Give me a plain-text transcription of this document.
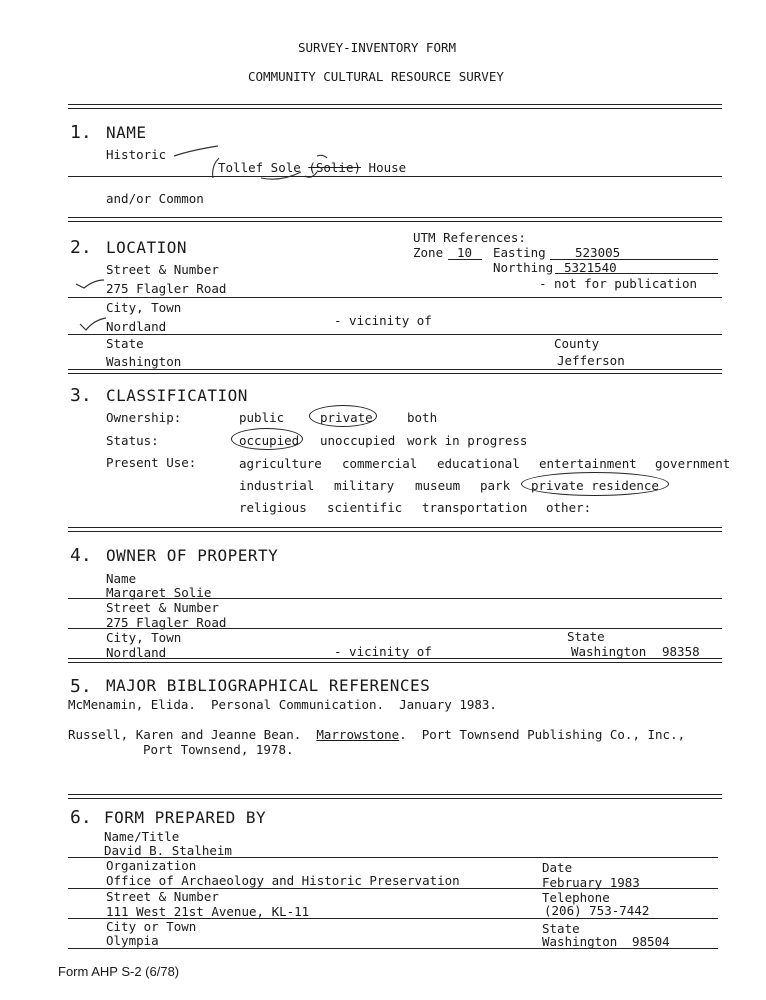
SURVEY-INVENTORY FORM
COMMUNITY CULTURAL RESOURCE SURVEY
1. NAME
Historic
Tollef Sole (Solie) House
and/or Common
2. LOCATION
UTM References:
Zone 10 Easting 523005
Northing 5321540
Street & Number
- not for publication
275 Flagler Road
City, Town
Nordland	- vicinity of
State	County
Washington	Jefferson
3. CLASSIFICATION
Ownership:	public	private	both
Status:	occupied unoccupied work in progress
Present Use:	agriculture commercial educational entertainment government
industrial military museum park private residence
religious scientific transportation other:
4. OWNER OF PROPERTY
Name
Margaret Solie
Street & Number
275 Flagler Road
City, Town	State
Nordland	- vicinity of	Washington 98358
5. MAJOR BIBLIOGRAPHICAL REFERENCES
McMenamin, Elida.  Personal Communication.  January 1983.
Russell, Karen and Jeanne Bean. Marrowstone.  Port Townsend Publishing Co., Inc.,
Port Townsend, 1978.
6. FORM PREPARED BY
Name/Title
David B. Stalheim
Organization	Date
Office of Archaeology and Historic Preservation	February 1983
Street & Number	Telephone
111 West 21st Avenue, KL-11	(206) 753-7442
City or Town	State
Olympia	Washington 98504
Form AHP S-2 (6/78)
